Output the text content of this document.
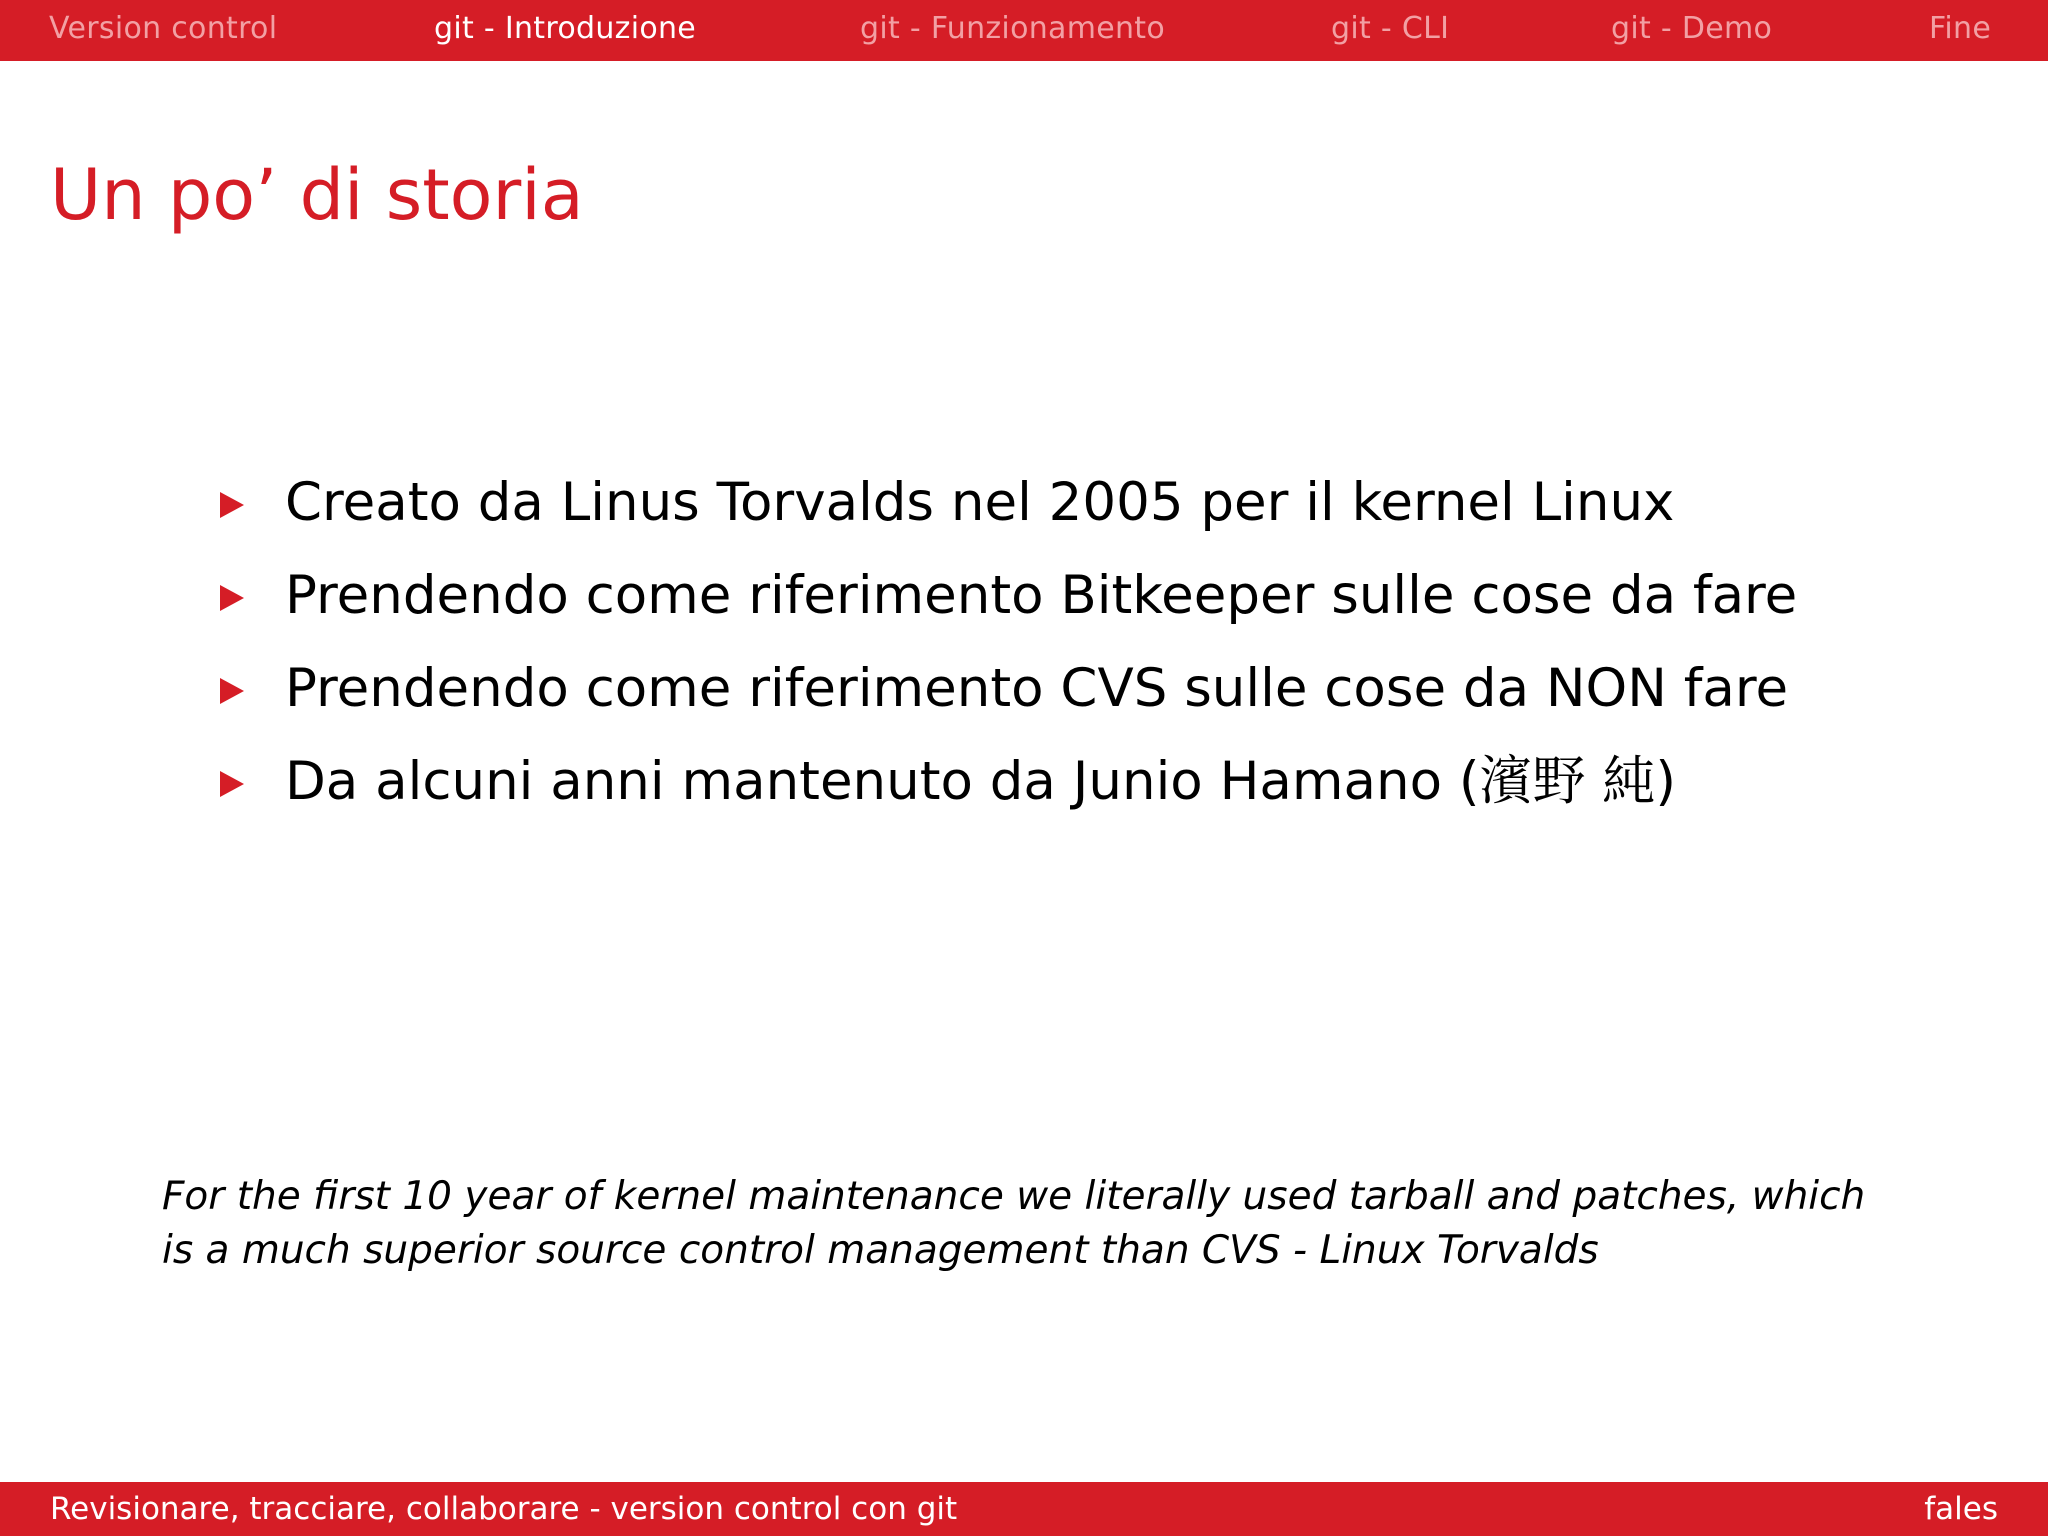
Version control	git - Introduzione	git - Funzionamento	git - CLI	git - Demo	Fine
Un po’ di storia
Creato da Linus Torvalds nel 2005 per il kernel Linux
Prendendo come riferimento Bitkeeper sulle cose da fare
Prendendo come riferimento CVS sulle cose da NON fare
Da alcuni anni mantenuto da Junio Hamano (濱野 純)

For the first 10 year of kernel maintenance we literally used tarball and patches, which is a much superior source control management than CVS - Linux Torvalds

Revisionare, tracciare, collaborare - version control con git	fales
